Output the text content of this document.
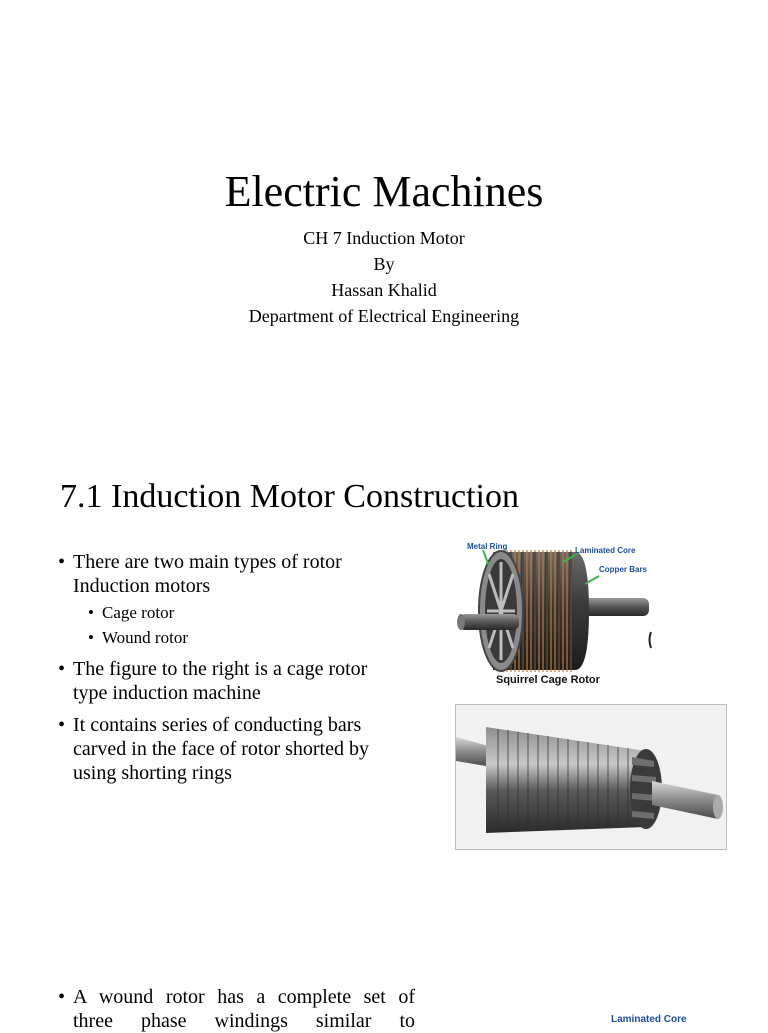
Electric Machines
CH 7 Induction Motor
By
Hassan Khalid
Department of Electrical Engineering
7.1 Induction Motor Construction
• There are two main types of rotor
Induction motors
• Cage rotor
• Wound rotor
• The figure to the right is a cage rotor
type induction machine
• It contains series of conducting bars
carved in the face of rotor shorted by
using shorting rings
Metal Ring	Laminated Core
Copper Bars
Squirrel Cage Rotor
• A wound rotor has a complete set of
three phase windings similar to	Laminated Core
